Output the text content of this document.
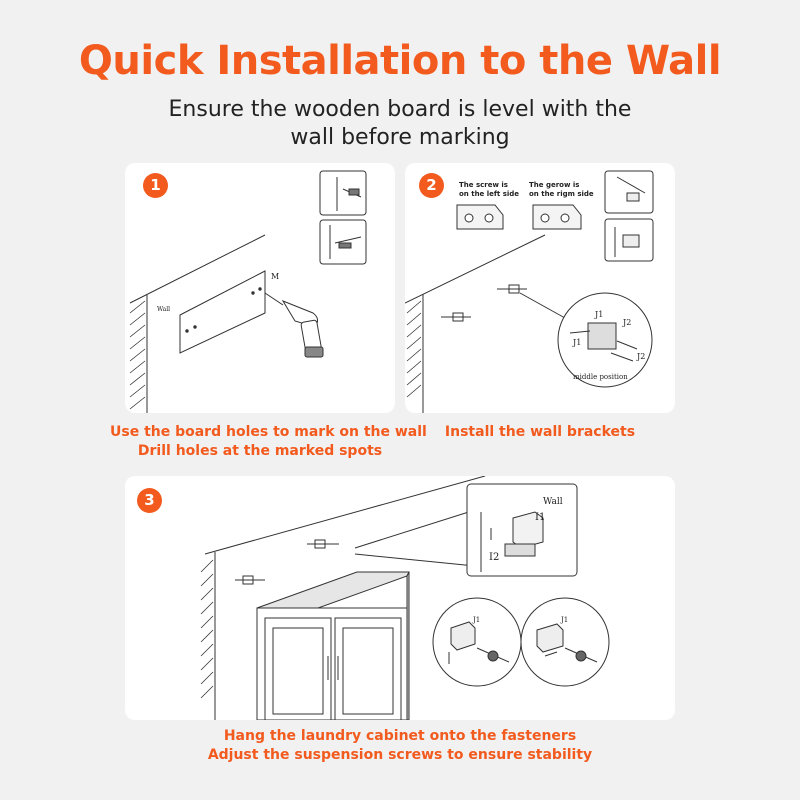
Quick Installation to the Wall
Ensure the wooden board is level with the
wall before marking
1
Wall
M
Use the board holes to mark on the wall
Drill holes at the marked spots
2	The screw is
on the left side
The gerow is
on the rigm side
J1
J1
J2
J2
middle position
Install the wall brackets
3	Wall
I1
I2
J1	J1
Hang the laundry cabinet onto the fasteners
Adjust the suspension screws to ensure stability
